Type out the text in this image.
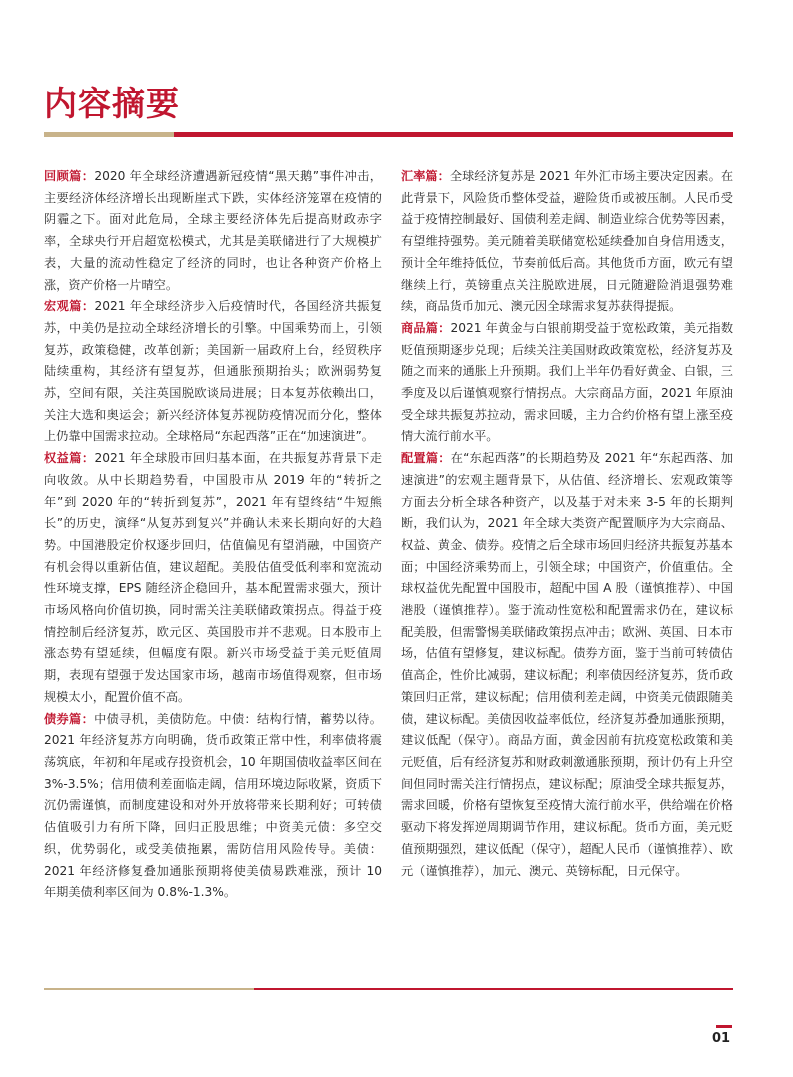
内容摘要

回顾篇：2020 年全球经济遭遇新冠疫情“黑天鹅”事件冲击，主要经济体经济增长出现断崖式下跌，实体经济笼罩在疫情的阴霾之下。面对此危局，全球主要经济体先后提高财政赤字率，全球央行开启超宽松模式，尤其是美联储进行了大规模扩表，大量的流动性稳定了经济的同时，也让各种资产价格上涨，资产价格一片晴空。

宏观篇：2021 年全球经济步入后疫情时代，各国经济共振复苏，中美仍是拉动全球经济增长的引擎。中国乘势而上，引领复苏，政策稳健，改革创新；美国新一届政府上台，经贸秩序陆续重构，其经济有望复苏，但通胀预期抬头；欧洲弱势复苏，空间有限，关注英国脱欧谈局进展；日本复苏依赖出口，关注大选和奥运会；新兴经济体复苏视防疫情况而分化，整体上仍靠中国需求拉动。全球格局“东起西落”正在“加速演进”。

权益篇：2021 年全球股市回归基本面，在共振复苏背景下走向收敛。从中长期趋势看，中国股市从 2019 年的“转折之年”到 2020 年的“转折到复苏”，2021 年有望终结“牛短熊长”的历史，演绎“从复苏到复兴”并确认未来长期向好的大趋势。中国港股定价权逐步回归，估值偏见有望消融，中国资产有机会得以重新估值，建议超配。美股估值受低利率和宽流动性环境支撑，EPS 随经济企稳回升，基本配置需求强大，预计市场风格向价值切换，同时需关注美联储政策拐点。得益于疫情控制后经济复苏，欧元区、英国股市并不悲观。日本股市上涨态势有望延续，但幅度有限。新兴市场受益于美元贬值周期，表现有望强于发达国家市场，越南市场值得观察，但市场规模太小，配置价值不高。

债券篇：中债寻机，美债防危。中债：结构行情，蓄势以待。2021 年经济复苏方向明确，货币政策正常中性，利率债将震荡筑底，年初和年尾或存投资机会，10 年期国债收益率区间在 3%-3.5%；信用债利差面临走阔，信用环境边际收紧，资质下沉仍需谨慎，而制度建设和对外开放将带来长期利好；可转债估值吸引力有所下降，回归正股思维；中资美元债：多空交织，优势弱化，或受美债拖累，需防信用风险传导。美债：2021 年经济修复叠加通胀预期将使美债易跌难涨，预计 10 年期美债利率区间为 0.8%-1.3%。

汇率篇：全球经济复苏是 2021 年外汇市场主要决定因素。在此背景下，风险货币整体受益，避险货币或被压制。人民币受益于疫情控制最好、国债利差走阔、制造业综合优势等因素，有望维持强势。美元随着美联储宽松延续叠加自身信用透支，预计全年维持低位，节奏前低后高。其他货币方面，欧元有望继续上行，英镑重点关注脱欧进展，日元随避险消退强势难续，商品货币加元、澳元因全球需求复苏获得提振。

商品篇：2021 年黄金与白银前期受益于宽松政策，美元指数贬值预期逐步兑现；后续关注美国财政政策宽松，经济复苏及随之而来的通胀上升预期。我们上半年仍看好黄金、白银，三季度及以后谨慎观察行情拐点。大宗商品方面，2021 年原油受全球共振复苏拉动，需求回暖，主力合约价格有望上涨至疫情大流行前水平。

配置篇：在“东起西落”的长期趋势及 2021 年“东起西落、加速演进”的宏观主题背景下，从估值、经济增长、宏观政策等方面去分析全球各种资产，以及基于对未来 3-5 年的长期判断，我们认为，2021 年全球大类资产配置顺序为大宗商品、权益、黄金、债券。疫情之后全球市场回归经济共振复苏基本面；中国经济乘势而上，引领全球；中国资产，价值重估。全球权益优先配置中国股市，超配中国 A 股（谨慎推荐）、中国港股（谨慎推荐）。鉴于流动性宽松和配置需求仍在，建议标配美股，但需警惕美联储政策拐点冲击；欧洲、英国、日本市场，估值有望修复，建议标配。债券方面，鉴于当前可转债估值高企，性价比减弱，建议标配；利率债因经济复苏，货币政策回归正常，建议标配；信用债利差走阔，中资美元债跟随美债，建议标配。美债因收益率低位，经济复苏叠加通胀预期，建议低配（保守）。商品方面，黄金因前有抗疫宽松政策和美元贬值，后有经济复苏和财政刺激通胀预期，预计仍有上升空间但同时需关注行情拐点，建议标配；原油受全球共振复苏，需求回暖，价格有望恢复至疫情大流行前水平，供给端在价格驱动下将发挥逆周期调节作用，建议标配。货币方面，美元贬值预期强烈，建议低配（保守），超配人民币（谨慎推荐）、欧元（谨慎推荐），加元、澳元、英镑标配，日元保守。

01
